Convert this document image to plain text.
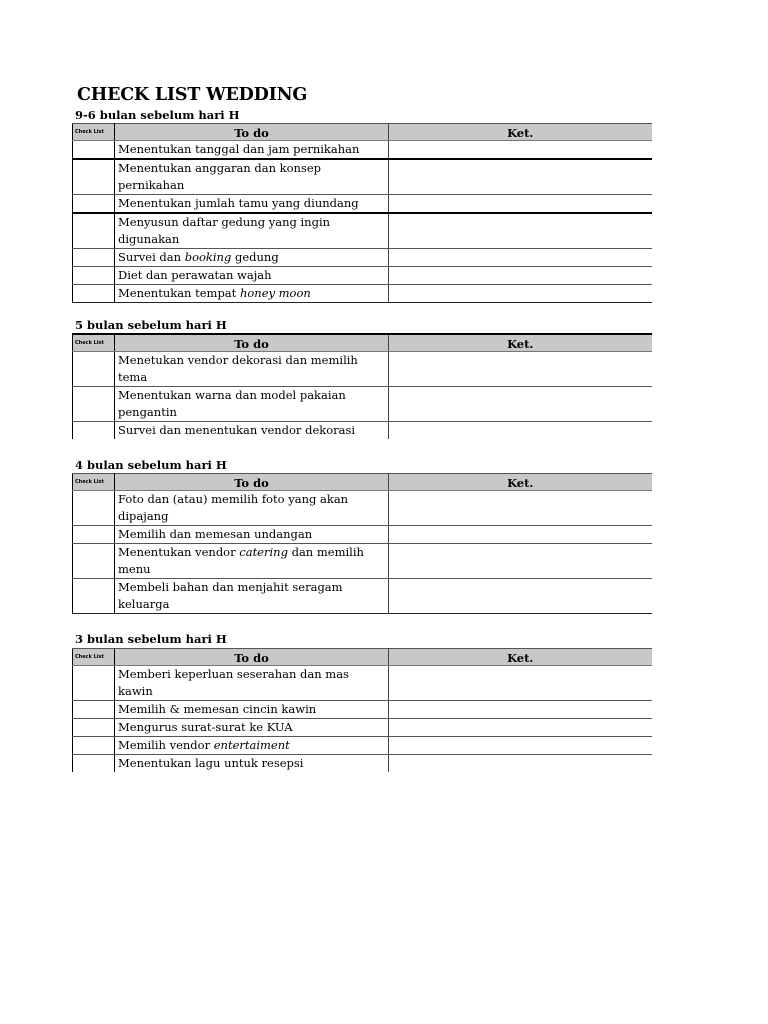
CHECK LIST WEDDING
9-6 bulan sebelum hari H
Check List	To do	Ket.
	Menentukan tanggal dan jam pernikahan	
	Menentukan anggaran dan konsep pernikahan	
	Menentukan jumlah tamu yang diundang	
	Menyusun daftar gedung yang ingin digunakan	
	Survei dan booking gedung	
	Diet dan perawatan wajah	
	Menentukan tempat honey moon	
5 bulan sebelum hari H
Check List	To do	Ket.
	Menetukan vendor dekorasi dan memilih tema	
	Menentukan warna dan model pakaian pengantin	
	Survei dan menentukan vendor dekorasi	
4 bulan sebelum hari H
Check List	To do	Ket.
	Foto dan (atau) memilih foto yang akan dipajang	
	Memilih dan memesan undangan	
	Menentukan vendor catering dan memilih menu	
	Membeli bahan dan menjahit seragam keluarga	
3 bulan sebelum hari H
Check List	To do	Ket.
	Memberi keperluan seserahan dan mas kawin	
	Memilih & memesan cincin kawin	
	Mengurus surat-surat ke KUA	
	Memilih vendor entertaiment	
	Menentukan lagu untuk resepsi	
